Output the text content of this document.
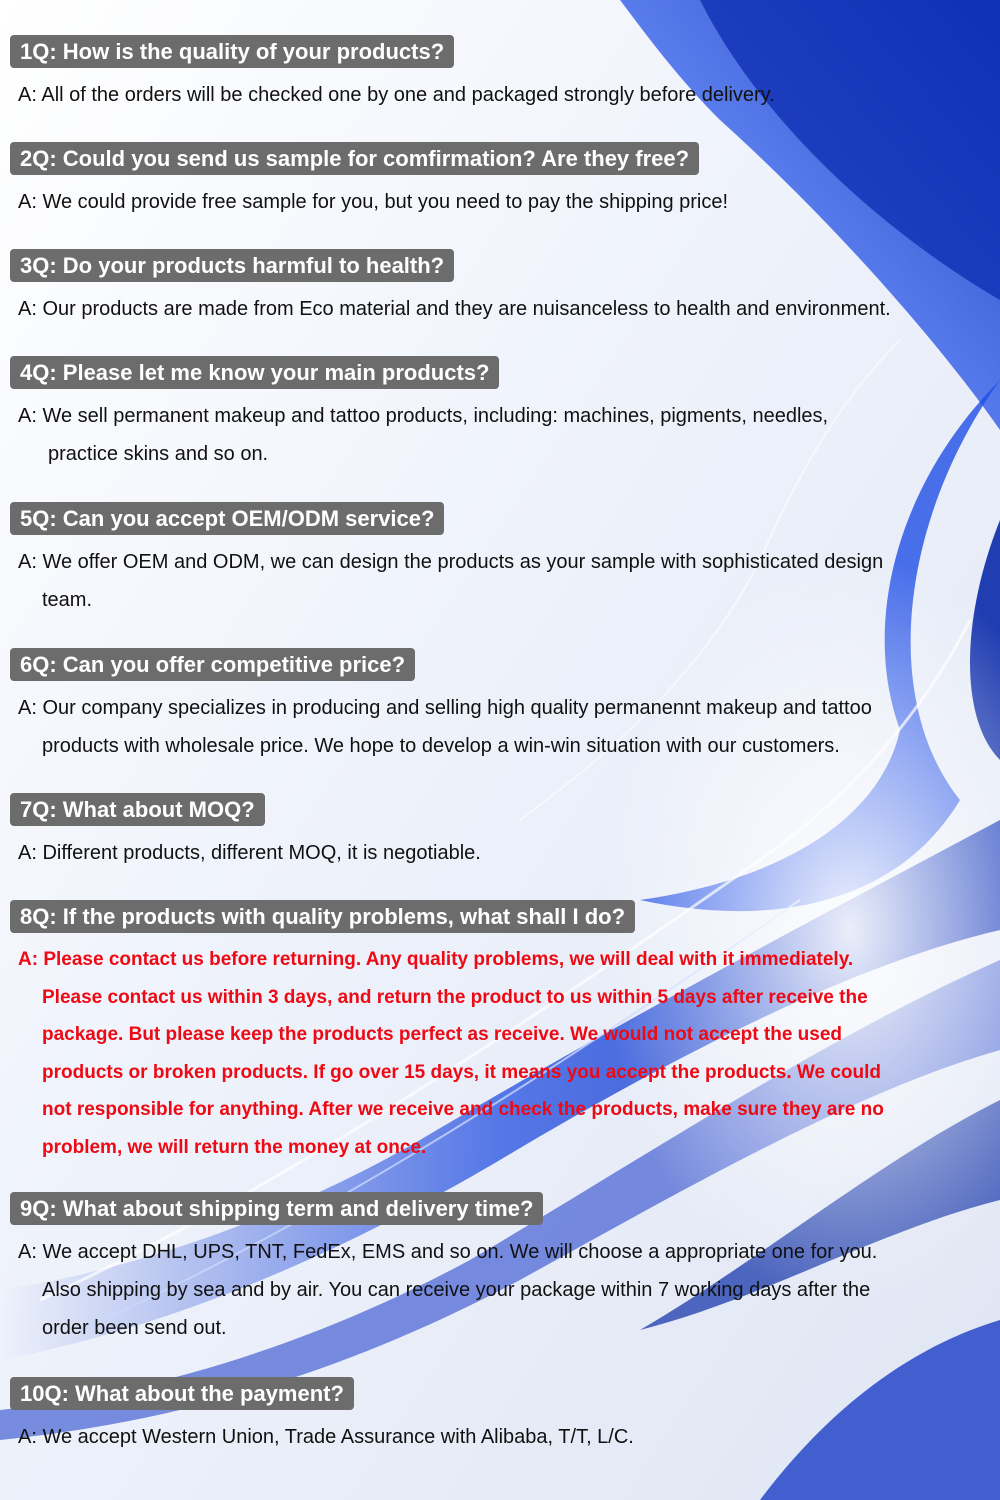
1Q: How is the quality of your products?
A: All of the orders will be checked one by one and packaged strongly before delivery.
2Q: Could you send us sample for comfirmation? Are they free?
A: We could provide free sample for you, but you need to pay the shipping price!
3Q: Do your products harmful to health?
A: Our products are made from Eco material and they are nuisanceless to health and environment.
4Q: Please let me know your main products?
A: We sell permanent makeup and tattoo products, including: machines, pigments, needles,
practice skins and so on.
5Q: Can you accept OEM/ODM service?
A: We offer OEM and ODM, we can design the products as your sample with sophisticated design
team.
6Q: Can you offer competitive price?
A: Our company specializes in producing and selling high quality permanennt makeup and tattoo
products with wholesale price. We hope to develop a win-win situation with our customers.
7Q: What about MOQ?
A: Different products, different MOQ, it is negotiable.
8Q: If the products with quality problems, what shall I do?
A: Please contact us before returning. Any quality problems, we will deal with it immediately.
Please contact us within 3 days, and return the product to us within 5 days after receive the
package. But please keep the products perfect as receive. We would not accept the used
products or broken products. If go over 15 days, it means you accept the products. We could
not responsible for anything. After we receive and check the products, make sure they are no
problem, we will return the money at once.
9Q: What about shipping term and delivery time?
A: We accept DHL, UPS, TNT, FedEx, EMS and so on. We will choose a appropriate one for you.
Also shipping by sea and by air. You can receive your package within 7 working days after the
order been send out.
10Q: What about the payment?
A: We accept Western Union, Trade Assurance with Alibaba, T/T, L/C.
